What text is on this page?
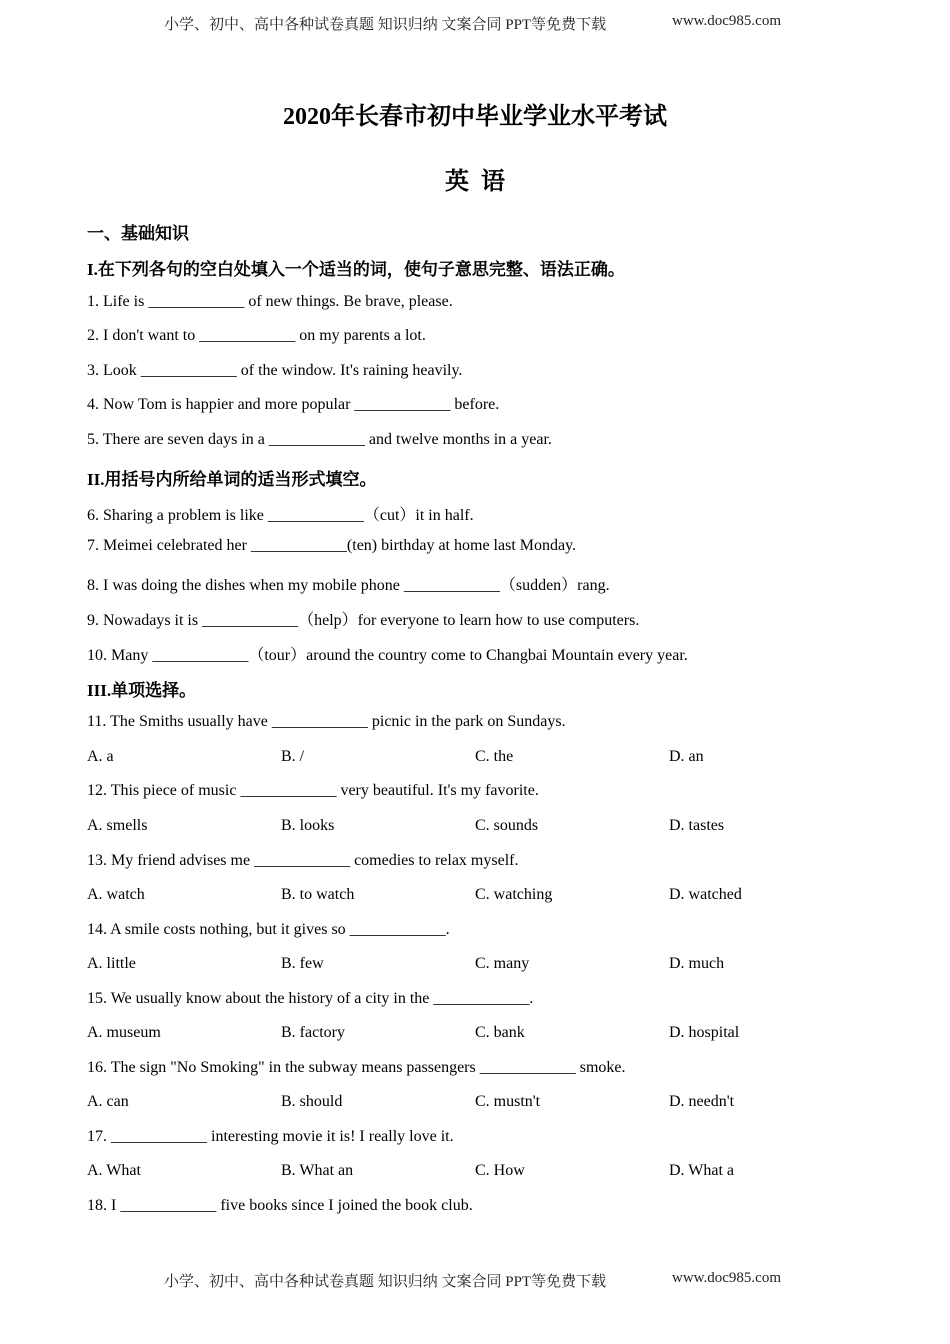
小学、初中、高中各种试卷真题 知识归纳 文案合同 PPT等免费下载	www.doc985.com
2020年长春市初中毕业学业水平考试
英语
一、基础知识
I.在下列各句的空白处填入一个适当的词，使句子意思完整、语法正确。
1. Life is ____________ of new things. Be brave, please.
2. I don't want to ____________ on my parents a lot.
3. Look ____________ of the window. It's raining heavily.
4. Now Tom is happier and more popular ____________ before.
5. There are seven days in a ____________ and twelve months in a year.
II.用括号内所给单词的适当形式填空。
6. Sharing a problem is like ____________（cut）it in half.
7. Meimei celebrated her ____________(ten) birthday at home last Monday.
8. I was doing the dishes when my mobile phone ____________（sudden）rang.
9. Nowadays it is ____________（help）for everyone to learn how to use computers.
10. Many ____________（tour）around the country come to Changbai Mountain every year.
III.单项选择。
11. The Smiths usually have ____________ picnic in the park on Sundays.
A. a	B. /	C. the	D. an
12. This piece of music ____________ very beautiful. It's my favorite.
A. smells	B. looks	C. sounds	D. tastes
13. My friend advises me ____________ comedies to relax myself.
A. watch	B. to watch	C. watching	D. watched
14. A smile costs nothing, but it gives so ____________.
A. little	B. few	C. many	D. much
15. We usually know about the history of a city in the ____________.
A. museum	B. factory	C. bank	D. hospital
16. The sign "No Smoking" in the subway means passengers ____________ smoke.
A. can	B. should	C. mustn't	D. needn't
17. ____________ interesting movie it is! I really love it.
A. What	B. What an	C. How	D. What a
18. I ____________ five books since I joined the book club.
小学、初中、高中各种试卷真题 知识归纳 文案合同 PPT等免费下载	www.doc985.com
